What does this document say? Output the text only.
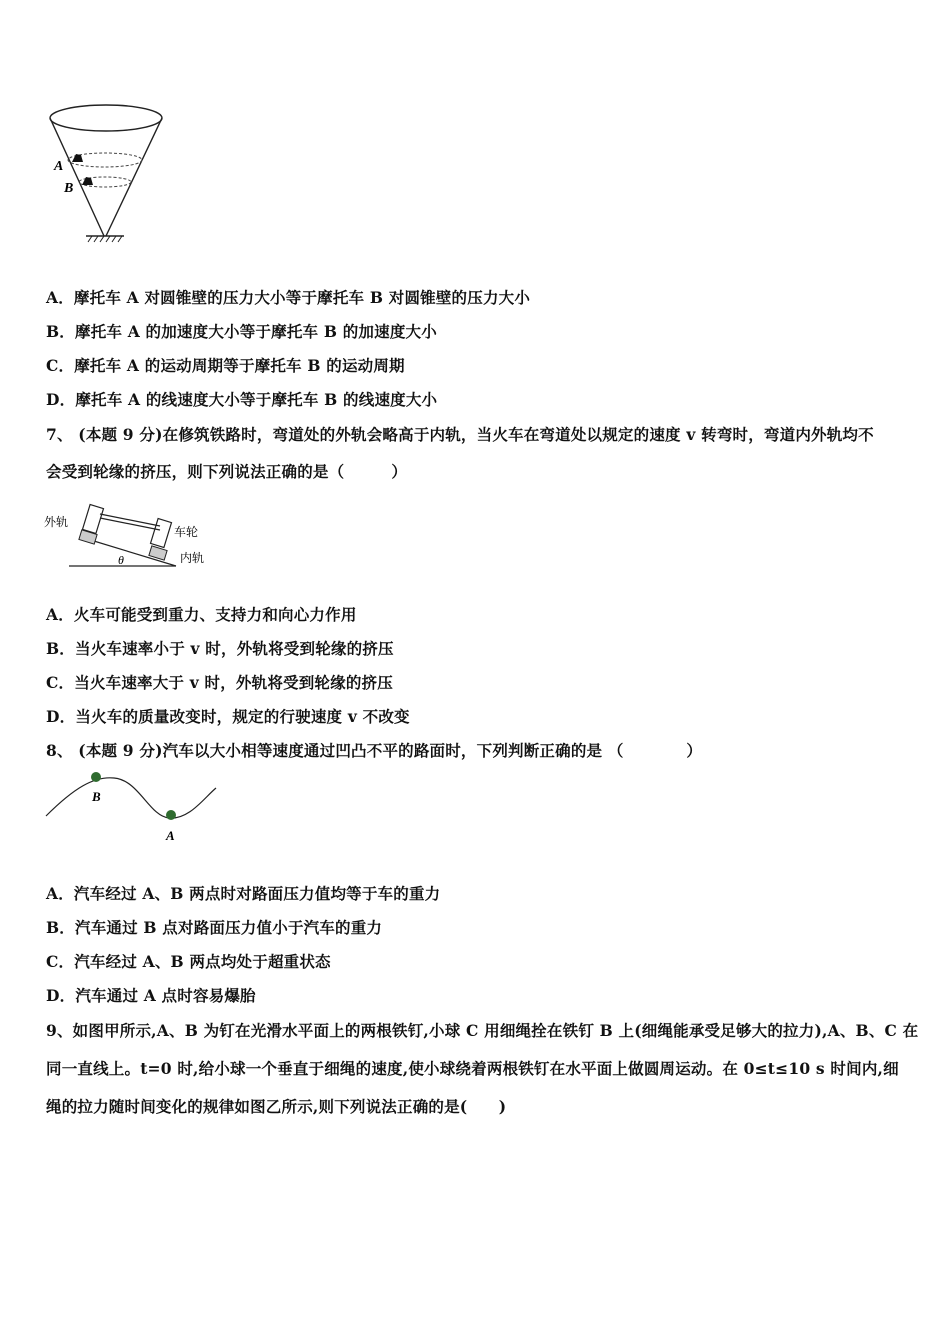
A
B
A．摩托车 A 对圆锥壁的压力大小等于摩托车 B 对圆锥壁的压力大小
B．摩托车 A 的加速度大小等于摩托车 B 的加速度大小
C．摩托车 A 的运动周期等于摩托车 B 的运动周期
D．摩托车 A 的线速度大小等于摩托车 B 的线速度大小
7、 (本题 9 分)在修筑铁路时，弯道处的外轨会略高于内轨，当火车在弯道处以规定的速度 v 转弯时，弯道内外轨均不
会受到轮缘的挤压，则下列说法正确的是（　　　）
外轨
车轮
θ	内轨
A．火车可能受到重力、支持力和向心力作用
B．当火车速率小于 v 时，外轨将受到轮缘的挤压
C．当火车速率大于 v 时，外轨将受到轮缘的挤压
D．当火车的质量改变时，规定的行驶速度 v 不改变
8、 (本题 9 分)汽车以大小相等速度通过凹凸不平的路面时，下列判断正确的是 （　　　　）
B
A
A．汽车经过 A、B 两点时对路面压力值均等于车的重力
B．汽车通过 B 点对路面压力值小于汽车的重力
C．汽车经过 A、B 两点均处于超重状态
D．汽车通过 A 点时容易爆胎
9、如图甲所示,A、B 为钉在光滑水平面上的两根铁钉,小球 C 用细绳拴在铁钉 B 上(细绳能承受足够大的拉力),A、B、C 在
同一直线上。t=0 时,给小球一个垂直于细绳的速度,使小球绕着两根铁钉在水平面上做圆周运动。在 0≤t≤10 s 时间内,细
绳的拉力随时间变化的规律如图乙所示,则下列说法正确的是(　　)
